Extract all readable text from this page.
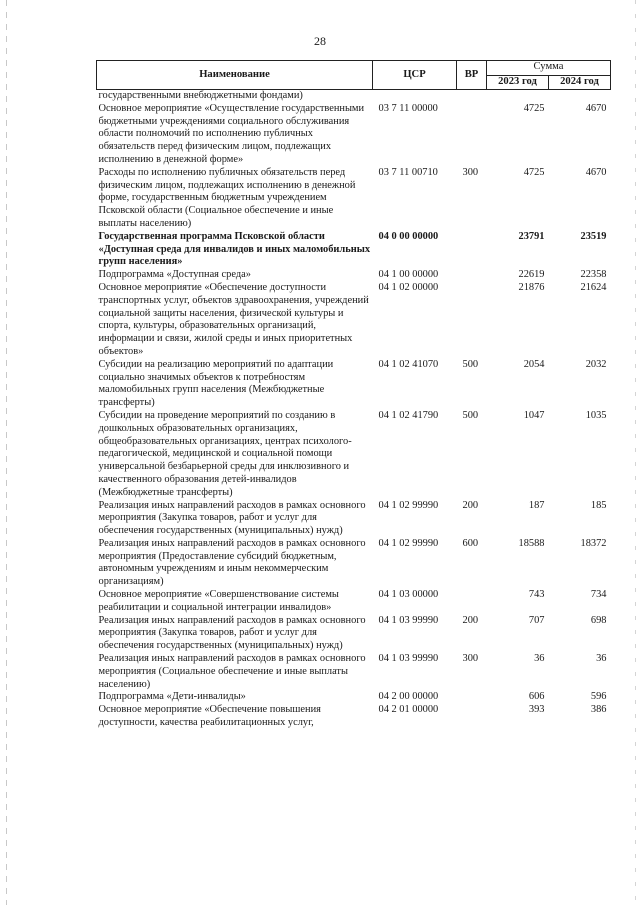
28
Наименование	ЦСР	ВР	Сумма	
			2023 год	2024 год
государственными внебюджетными фондами)				
Основное мероприятие «Осуществление государственными бюджетными учреждениями социального обслуживания области полномочий по исполнению публичных обязательств перед физическим лицом, подлежащих исполнению в денежной форме»	03 7 11 00000		4725	4670
Расходы по исполнению публичных обязательств перед физическим лицом, подлежащих исполнению в денежной форме, государственным бюджетным учреждением Псковской области (Социальное обеспечение и иные выплаты населению)	03 7 11 00710	300	4725	4670
Государственная программа Псковской области «Доступная среда для инвалидов и иных маломобильных групп населения»	04 0 00 00000		23791	23519
Подпрограмма «Доступная среда»	04 1 00 00000		22619	22358
Основное мероприятие «Обеспечение доступности транспортных услуг, объектов здравоохранения, учреждений социальной защиты населения, физической культуры и спорта, культуры, образовательных организаций, информации и связи, жилой среды и иных приоритетных объектов»	04 1 02 00000		21876	21624
Субсидии на реализацию мероприятий по адаптации социально значимых объектов к потребностям маломобильных групп населения (Межбюджетные трансферты)	04 1 02 41070	500	2054	2032
Субсидии на проведение мероприятий по созданию в дошкольных образовательных организациях, общеобразовательных организациях, центрах психолого-педагогической, медицинской и социальной помощи универсальной безбарьерной среды для инклюзивного и качественного образования детей-инвалидов (Межбюджетные трансферты)	04 1 02 41790	500	1047	1035
Реализация иных направлений расходов в рамках основного мероприятия (Закупка товаров, работ и услуг для обеспечения государственных (муниципальных) нужд)	04 1 02 99990	200	187	185
Реализация иных направлений расходов в рамках основного мероприятия (Предоставление субсидий бюджетным, автономным учреждениям и иным некоммерческим организациям)	04 1 02 99990	600	18588	18372
Основное мероприятие «Совершенствование системы реабилитации и социальной интеграции инвалидов»	04 1 03 00000		743	734
Реализация иных направлений расходов в рамках основного мероприятия (Закупка товаров, работ и услуг для обеспечения государственных (муниципальных) нужд)	04 1 03 99990	200	707	698
Реализация иных направлений расходов в рамках основного мероприятия (Социальное обеспечение и иные выплаты населению)	04 1 03 99990	300	36	36
Подпрограмма «Дети-инвалиды»	04 2 00 00000		606	596
Основное мероприятие «Обеспечение повышения доступности, качества реабилитационных услуг,	04 2 01 00000		393	386
